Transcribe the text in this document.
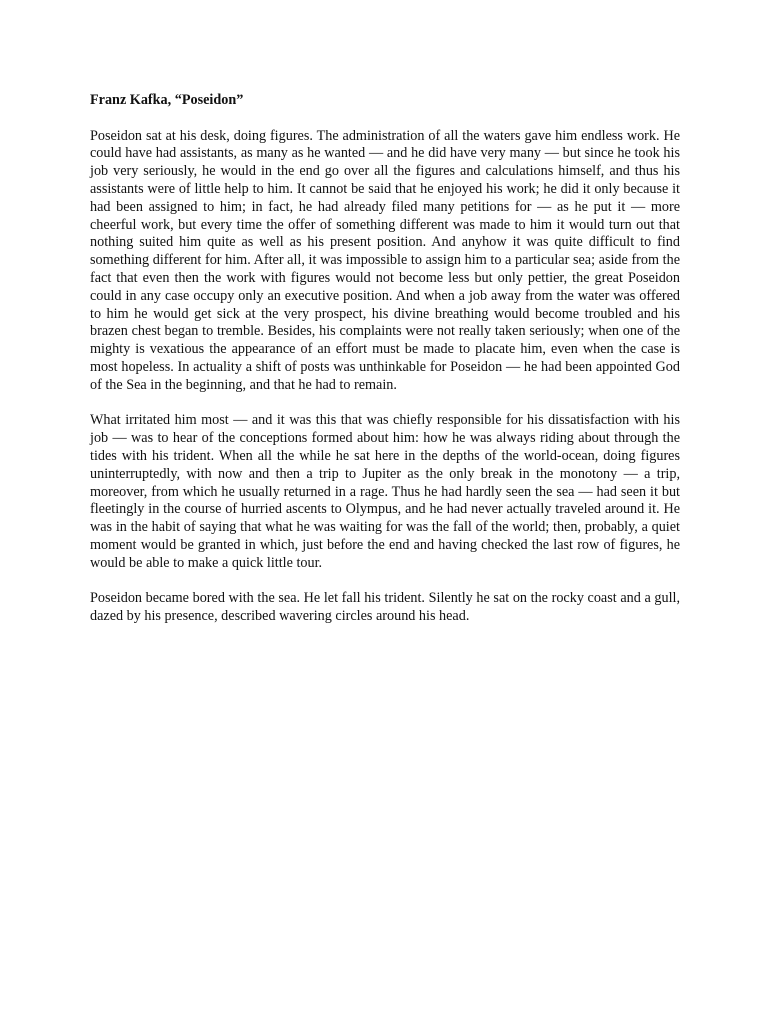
Franz Kafka, “Poseidon”

Poseidon sat at his desk, doing figures. The administration of all the waters gave him endless work. He could have had assistants, as many as he wanted — and he did have very many — but since he took his job very seriously, he would in the end go over all the figures and calculations himself, and thus his assistants were of little help to him. It cannot be said that he enjoyed his work; he did it only because it had been assigned to him; in fact, he had already filed many petitions for — as he put it — more cheerful work, but every time the offer of something different was made to him it would turn out that nothing suited him quite as well as his present position. And anyhow it was quite difficult to find something different for him. After all, it was impossible to assign him to a particular sea; aside from the fact that even then the work with figures would not become less but only pettier, the great Poseidon could in any case occupy only an executive position. And when a job away from the water was offered to him he would get sick at the very prospect, his divine breathing would become troubled and his brazen chest began to tremble. Besides, his complaints were not really taken seriously; when one of the mighty is vexatious the appearance of an effort must be made to placate him, even when the case is most hopeless. In actuality a shift of posts was unthinkable for Poseidon — he had been appointed God of the Sea in the beginning, and that he had to remain.

What irritated him most — and it was this that was chiefly responsible for his dissatisfaction with his job — was to hear of the conceptions formed about him: how he was always riding about through the tides with his trident. When all the while he sat here in the depths of the world-ocean, doing figures uninterruptedly, with now and then a trip to Jupiter as the only break in the monotony — a trip, moreover, from which he usually returned in a rage. Thus he had hardly seen the sea — had seen it but fleetingly in the course of hurried ascents to Olympus, and he had never actually traveled around it. He was in the habit of saying that what he was waiting for was the fall of the world; then, probably, a quiet moment would be granted in which, just before the end and having checked the last row of figures, he would be able to make a quick little tour.

Poseidon became bored with the sea. He let fall his trident. Silently he sat on the rocky coast and a gull, dazed by his presence, described wavering circles around his head.
